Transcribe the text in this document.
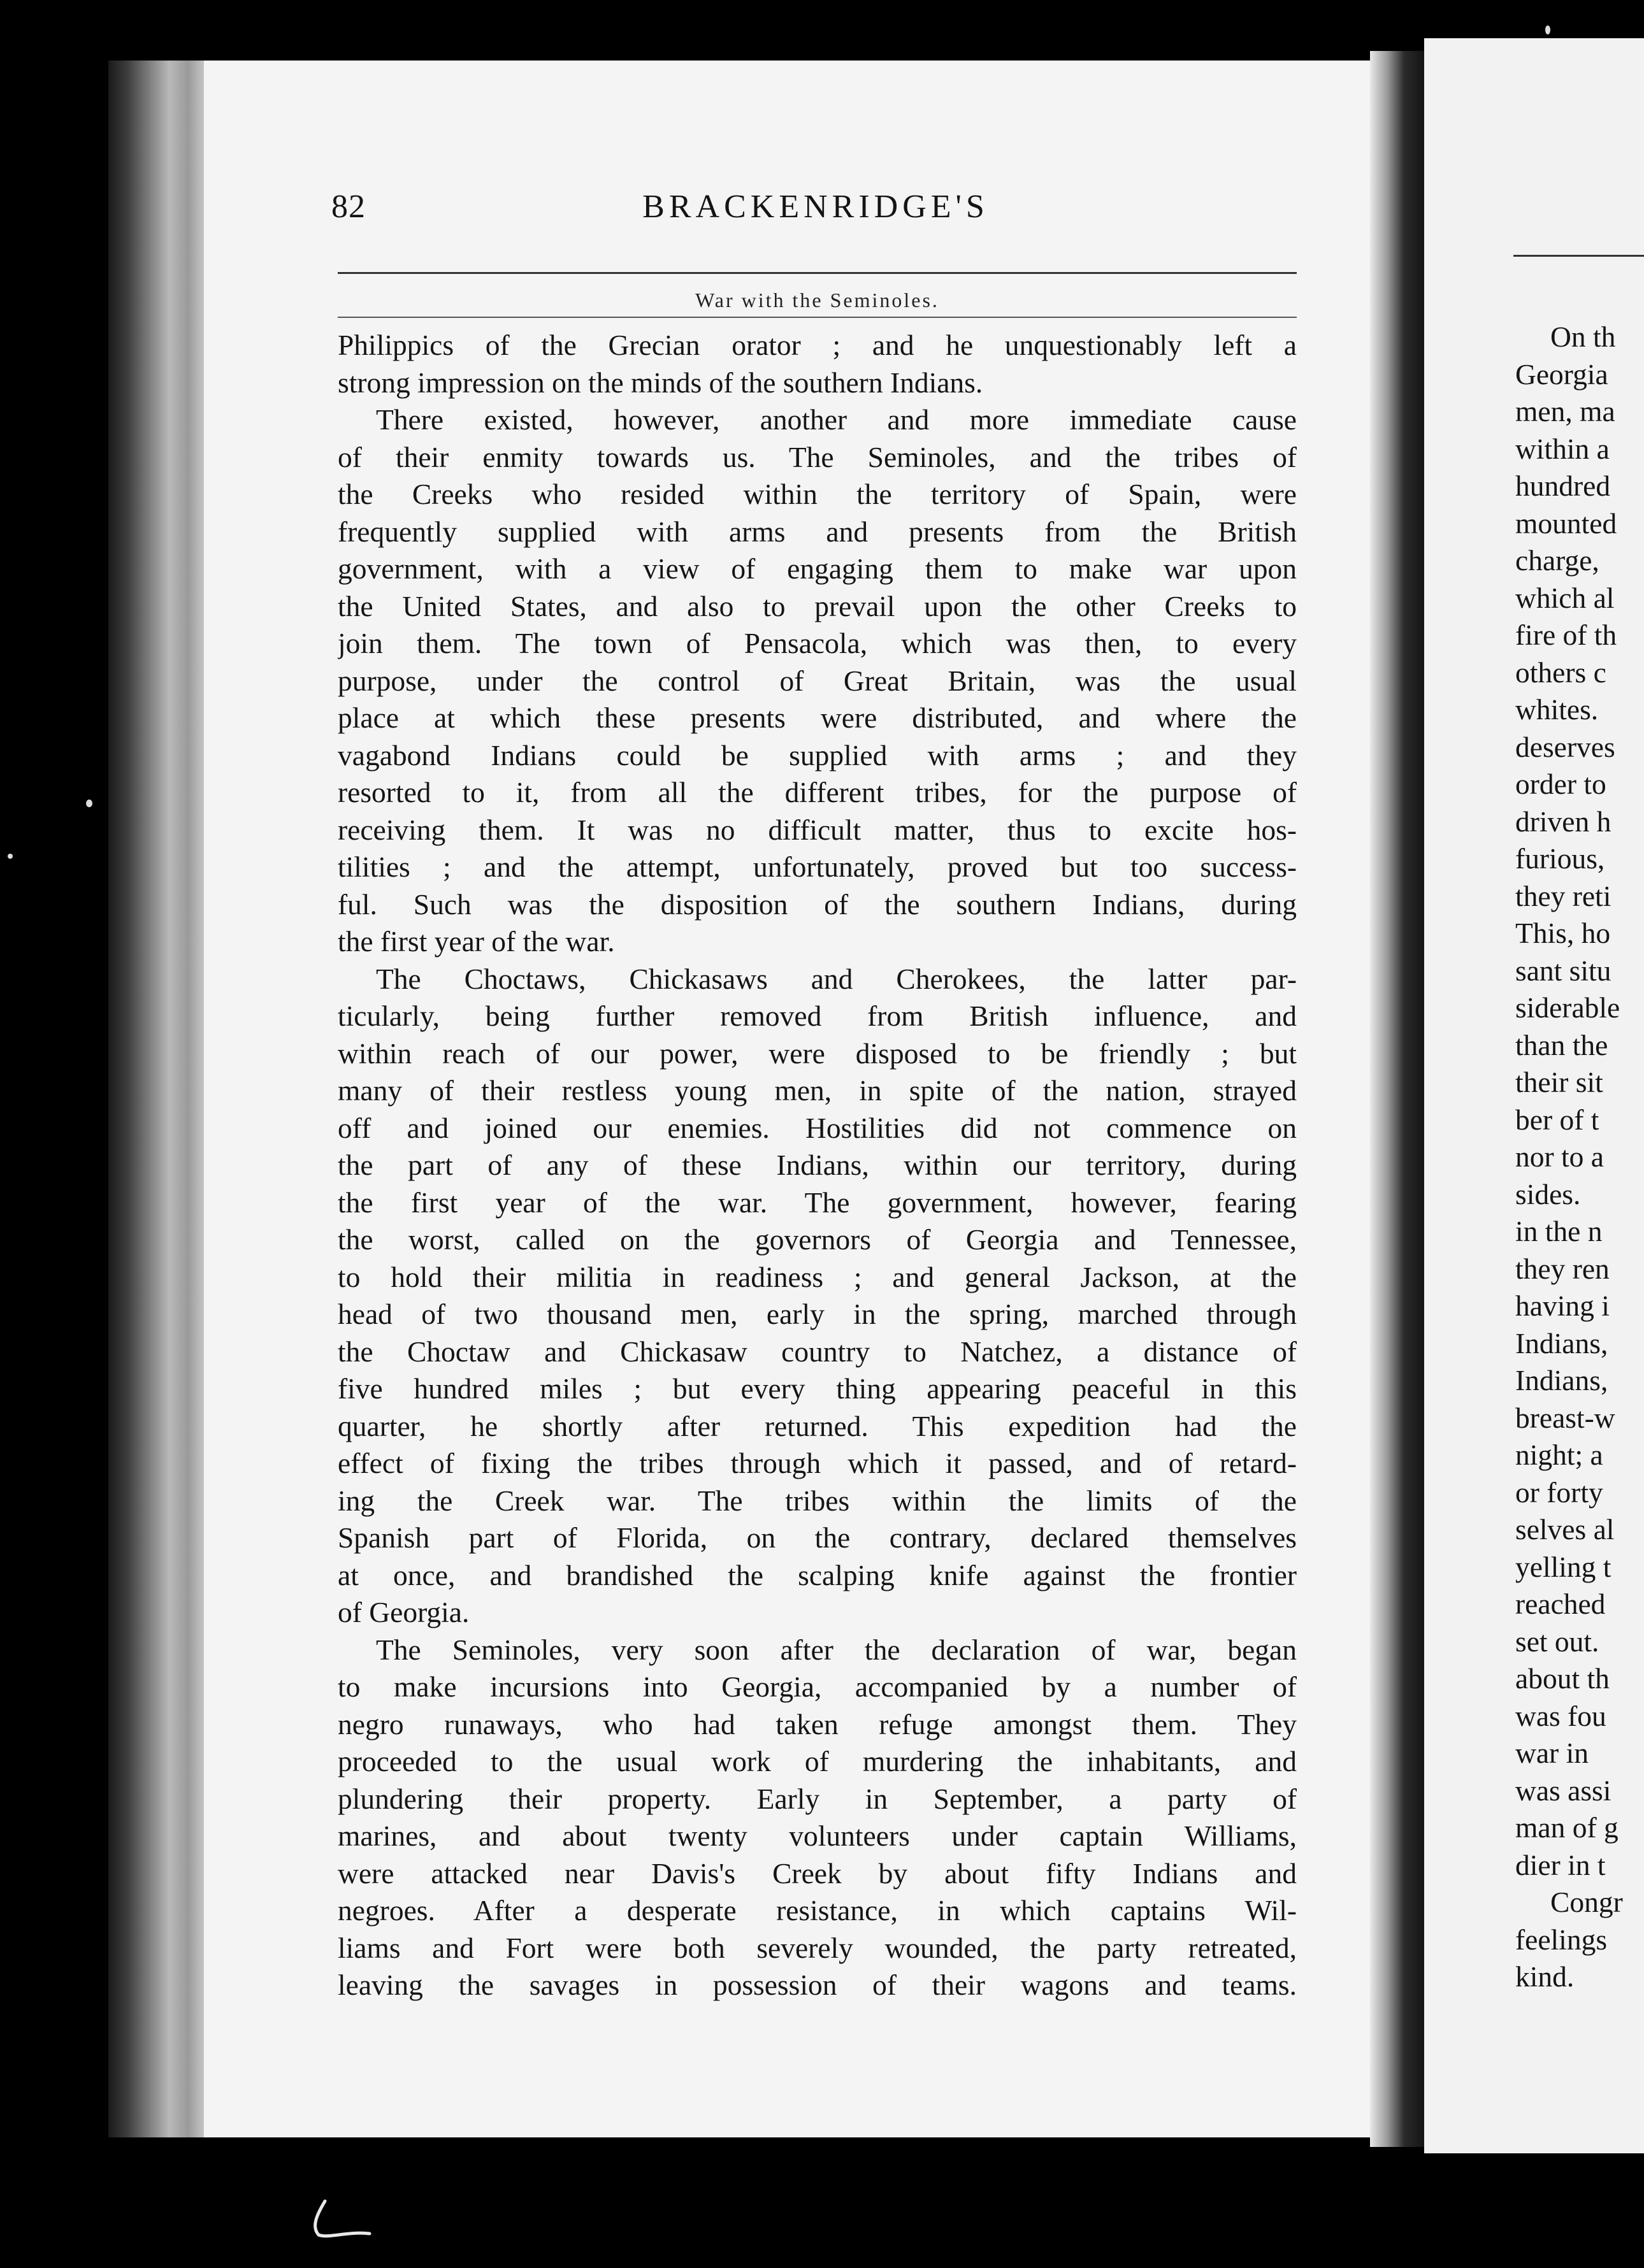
82	BRACKENRIDGE'S
War with the Seminoles.
Philippics of the Grecian orator ; and he unquestionably left a
strong impression on the minds of the southern Indians.
There existed, however, another and more immediate cause
of their enmity towards us. The Seminoles, and the tribes of
the Creeks who resided within the territory of Spain, were
frequently supplied with arms and presents from the British
government, with a view of engaging them to make war upon
the United States, and also to prevail upon the other Creeks to
join them. The town of Pensacola, which was then, to every
purpose, under the control of Great Britain, was the usual
place at which these presents were distributed, and where the
vagabond Indians could be supplied with arms ; and they
resorted to it, from all the different tribes, for the purpose of
receiving them. It was no difficult matter, thus to excite hos-
tilities ; and the attempt, unfortunately, proved but too success-
ful. Such was the disposition of the southern Indians, during
the first year of the war.
The Choctaws, Chickasaws and Cherokees, the latter par-
ticularly, being further removed from British influence, and
within reach of our power, were disposed to be friendly ; but
many of their restless young men, in spite of the nation, strayed
off and joined our enemies. Hostilities did not commence on
the part of any of these Indians, within our territory, during
the first year of the war. The government, however, fearing
the worst, called on the governors of Georgia and Tennessee,
to hold their militia in readiness ; and general Jackson, at the
head of two thousand men, early in the spring, marched through
the Choctaw and Chickasaw country to Natchez, a distance of
five hundred miles ; but every thing appearing peaceful in this
quarter, he shortly after returned. This expedition had the
effect of fixing the tribes through which it passed, and of retard-
ing the Creek war. The tribes within the limits of the
Spanish part of Florida, on the contrary, declared themselves
at once, and brandished the scalping knife against the frontier
of Georgia.
The Seminoles, very soon after the declaration of war, began
to make incursions into Georgia, accompanied by a number of
negro runaways, who had taken refuge amongst them. They
proceeded to the usual work of murdering the inhabitants, and
plundering their property. Early in September, a party of
marines, and about twenty volunteers under captain Williams,
were attacked near Davis's Creek by about fifty Indians and
negroes. After a desperate resistance, in which captains Wil-
liams and Fort were both severely wounded, the party retreated,
leaving the savages in possession of their wagons and teams.
On th
Georgia
men, ma
within a
hundred
mounted
charge,
which al
fire of th
others c
whites.
deserves
order to
driven h
furious,
they reti
This, ho
sant situ
siderable
than the
their sit
ber of t
nor to a
sides.
in the n
they ren
having i
Indians,
Indians,
breast-w
night; a
or forty
selves al
yelling t
reached
set out.
about th
was fou
war in
was assi
man of g
dier in t
Congr
feelings
kind.
